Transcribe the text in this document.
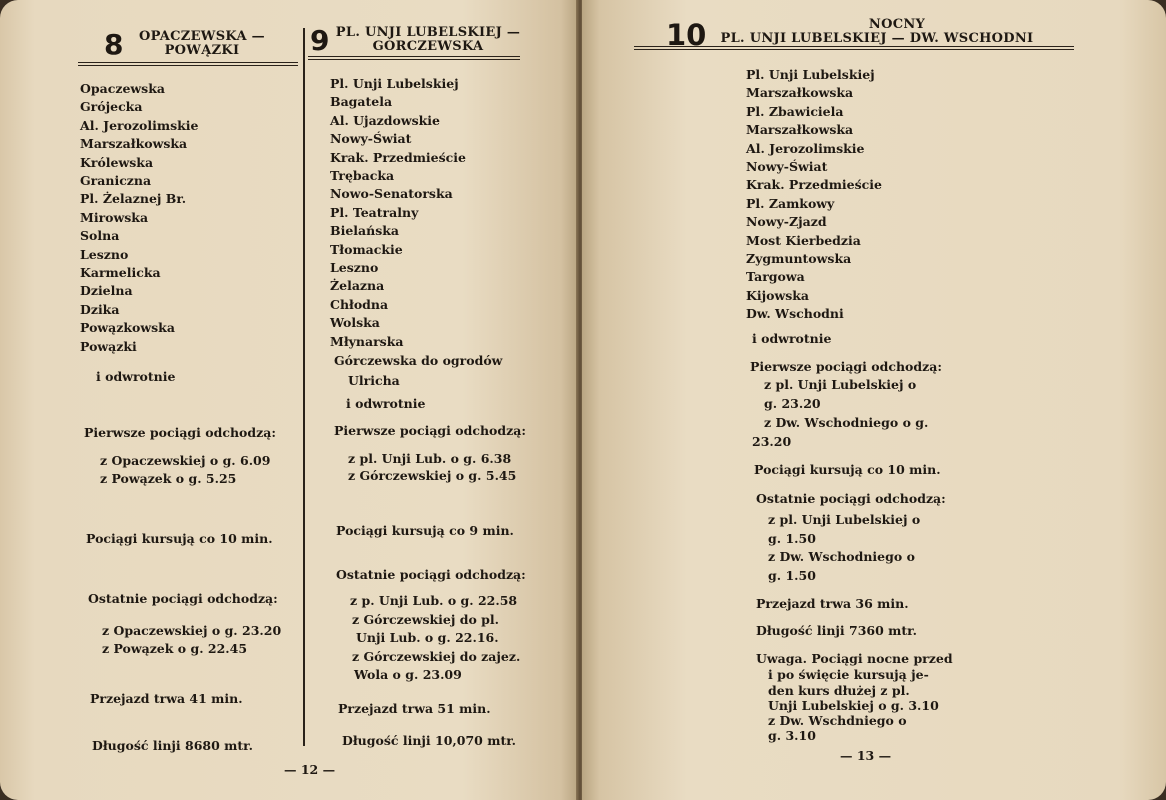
8	OPACZEWSKA —
POWĄZKI	9 PL. UNJI LUBELSKIEJ —
GÓRCZEWSKA
Opaczewska
Grójecka
Al. Jerozolimskie
Marszałkowska
Królewska
Graniczna
Pl. Żelaznej Br.
Mirowska
Solna
Leszno
Karmelicka
Dzielna
Dzika
Powązkowska
Powązki
i odwrotnie
Pierwsze pociągi odchodzą:
z Opaczewskiej o g. 6.09
z Powązek o g. 5.25
Pociągi kursują co 10 min.
Ostatnie pociągi odchodzą:
z Opaczewskiej o g. 23.20
z Powązek o g. 22.45
Przejazd trwa 41 min.
Długość linji 8680 mtr.
Pl. Unji Lubelskiej
Bagatela
Al. Ujazdowskie
Nowy-Świat
Krak. Przedmieście
Trębacka
Nowo-Senatorska
Pl. Teatralny
Bielańska
Tłomackie
Leszno
Żelazna
Chłodna
Wolska
Młynarska
Górczewska do ogrodów
Ulricha
i odwrotnie
Pierwsze pociągi odchodzą:
z pl. Unji Lub. o g. 6.38
z Górczewskiej o g. 5.45
Pociągi kursują co 9 min.
Ostatnie pociągi odchodzą:
z p. Unji Lub. o g. 22.58
z Górczewskiej do pl.
Unji Lub. o g. 22.16.
z Górczewskiej do zajez.
Wola o g. 23.09
Przejazd trwa 51 min.
Długość linji 10,070 mtr.
— 12 —
10	NOCNY
PL. UNJI LUBELSKIEJ — DW. WSCHODNI
Pl. Unji Lubelskiej
Marszałkowska
Pl. Zbawiciela
Marszałkowska
Al. Jerozolimskie
Nowy-Świat
Krak. Przedmieście
Pl. Zamkowy
Nowy-Zjazd
Most Kierbedzia
Zygmuntowska
Targowa
Kijowska
Dw. Wschodni
i odwrotnie
Pierwsze pociągi odchodzą:
z pl. Unji Lubelskiej o
g. 23.20
z Dw. Wschodniego o g.
23.20
Pociągi kursują co 10 min.
Ostatnie pociągi odchodzą:
z pl. Unji Lubelskiej o
g. 1.50
z Dw. Wschodniego o
g. 1.50
Przejazd trwa 36 min.
Długość linji 7360 mtr.
Uwaga. Pociągi nocne przed
i po święcie kursują je-
den kurs dłużej z pl.
Unji Lubelskiej o g. 3.10
z Dw. Wschdniego o
g. 3.10
— 13 —
